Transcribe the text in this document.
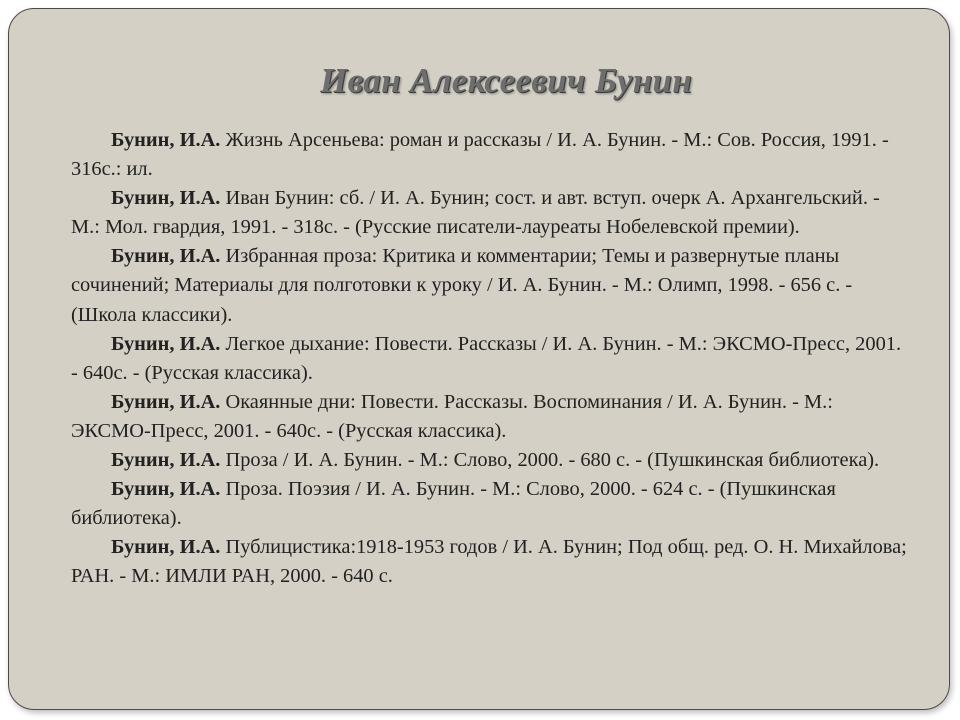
Иван Алексеевич Бунин

Бунин, И.А. Жизнь Арсеньева: роман и рассказы / И. А. Бунин. - М.: Сов. Россия, 1991. - 316с.: ил.

Бунин, И.А. Иван Бунин: сб. / И. А. Бунин; сост. и авт. вступ. очерк А. Архангельский. - М.: Мол. гвардия, 1991. - 318с. - (Русские писатели-лауреаты Нобелевской премии).

Бунин, И.А. Избранная проза: Критика и комментарии; Темы и развернутые планы сочинений; Материалы для полготовки к уроку / И. А. Бунин. - М.: Олимп, 1998. - 656 с. - (Школа классики).

Бунин, И.А. Легкое дыхание: Повести. Рассказы / И. А. Бунин. - М.: ЭКСМО-Пресс, 2001. - 640с. - (Русская классика).

Бунин, И.А. Окаянные дни: Повести. Рассказы. Воспоминания / И. А. Бунин. - М.: ЭКСМО-Пресс, 2001. - 640с. - (Русская классика).

Бунин, И.А. Проза / И. А. Бунин. - М.: Слово, 2000. - 680 с. - (Пушкинская библиотека).

Бунин, И.А. Проза. Поэзия / И. А. Бунин. - М.: Слово, 2000. - 624 с. - (Пушкинская библиотека).

Бунин, И.А. Публицистика:1918-1953 годов / И. А. Бунин; Под общ. ред. О. Н. Михайлова; РАН. - М.: ИМЛИ РАН, 2000. - 640 с.
